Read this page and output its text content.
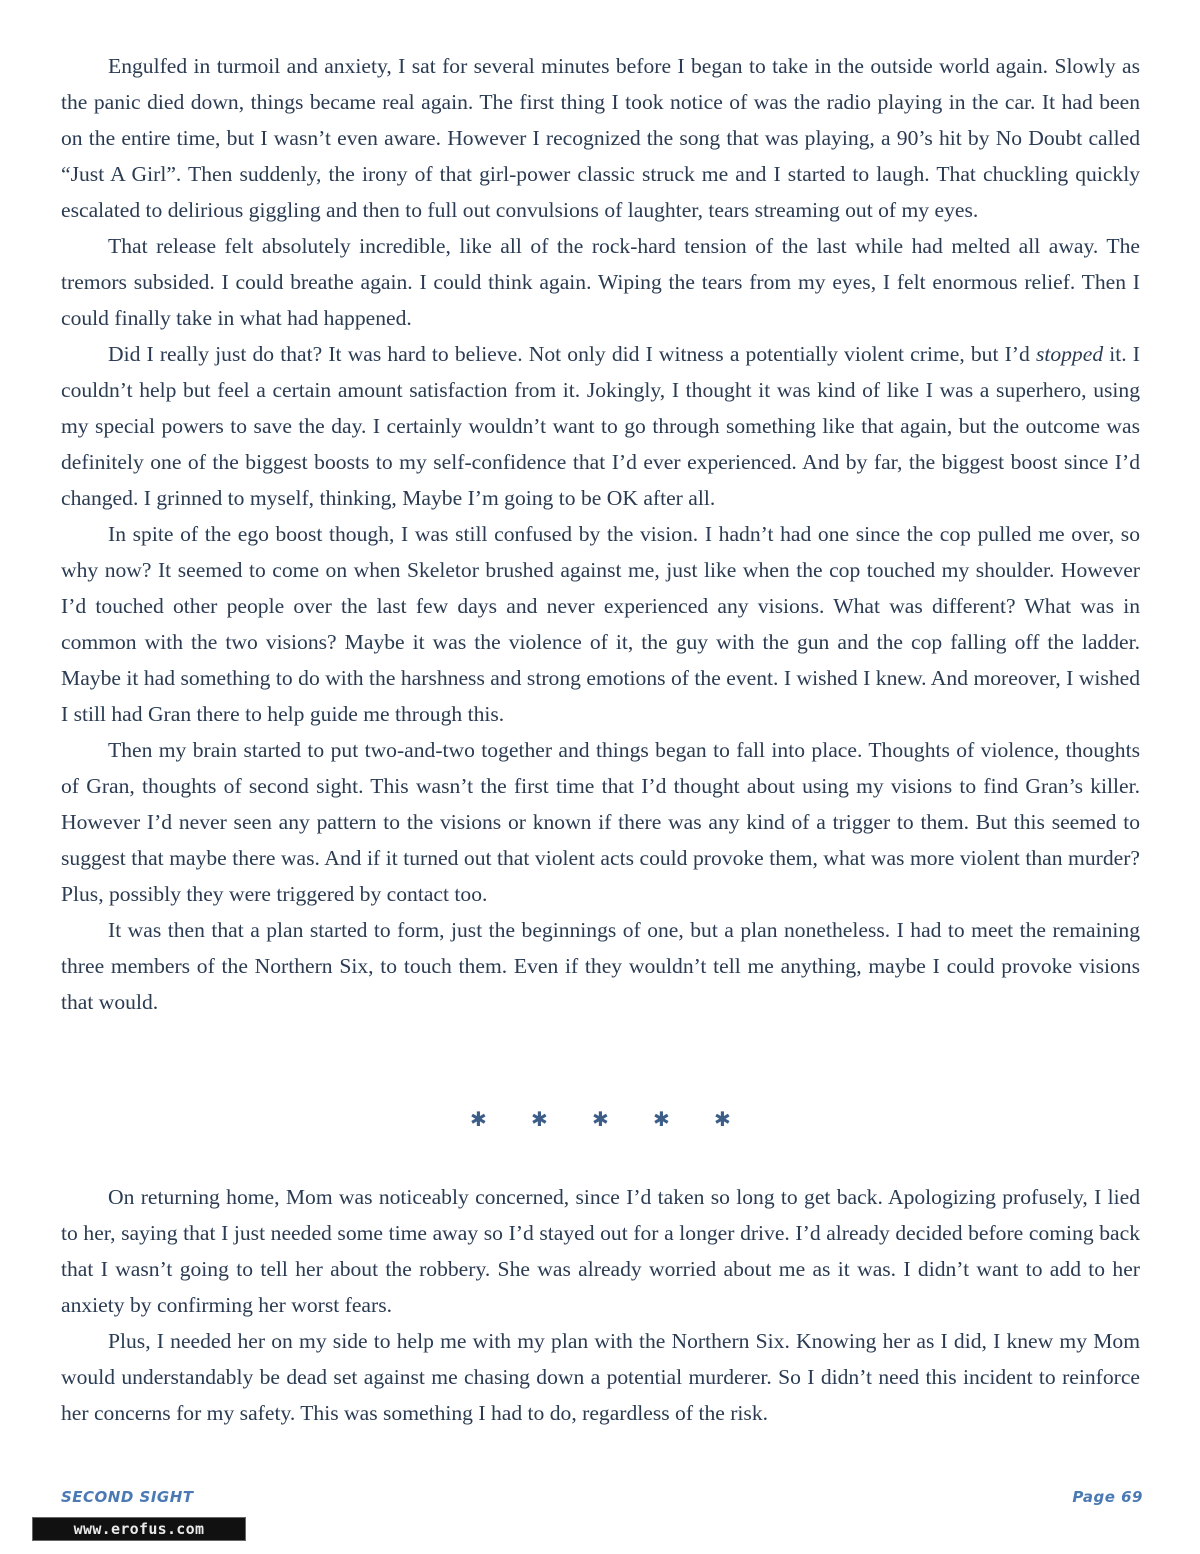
Engulfed in turmoil and anxiety, I sat for several minutes before I began to take in the outside world again. Slowly as the panic died down, things became real again. The first thing I took notice of was the radio playing in the car. It had been on the entire time, but I wasn’t even aware. However I recognized the song that was playing, a 90’s hit by No Doubt called “Just A Girl”. Then suddenly, the irony of that girl-power classic struck me and I started to laugh. That chuckling quickly escalated to delirious giggling and then to full out convulsions of laughter, tears streaming out of my eyes.

That release felt absolutely incredible, like all of the rock-hard tension of the last while had melted all away. The tremors subsided. I could breathe again. I could think again. Wiping the tears from my eyes, I felt enormous relief. Then I could finally take in what had happened.

Did I really just do that? It was hard to believe. Not only did I witness a potentially violent crime, but I’d stopped it. I couldn’t help but feel a certain amount satisfaction from it. Jokingly, I thought it was kind of like I was a superhero, using my special powers to save the day. I certainly wouldn’t want to go through something like that again, but the outcome was definitely one of the biggest boosts to my self-confidence that I’d ever experienced. And by far, the biggest boost since I’d changed. I grinned to myself, thinking, Maybe I’m going to be OK after all.

In spite of the ego boost though, I was still confused by the vision. I hadn’t had one since the cop pulled me over, so why now? It seemed to come on when Skeletor brushed against me, just like when the cop touched my shoulder. However I’d touched other people over the last few days and never experienced any visions. What was different? What was in common with the two visions? Maybe it was the violence of it, the guy with the gun and the cop falling off the ladder. Maybe it had something to do with the harshness and strong emotions of the event. I wished I knew. And moreover, I wished I still had Gran there to help guide me through this.

Then my brain started to put two-and-two together and things began to fall into place. Thoughts of violence, thoughts of Gran, thoughts of second sight. This wasn’t the first time that I’d thought about using my visions to find Gran’s killer. However I’d never seen any pattern to the visions or known if there was any kind of a trigger to them. But this seemed to suggest that maybe there was. And if it turned out that violent acts could provoke them, what was more violent than murder? Plus, possibly they were triggered by contact too.

It was then that a plan started to form, just the beginnings of one, but a plan nonetheless. I had to meet the remaining three members of the Northern Six, to touch them. Even if they wouldn’t tell me anything, maybe I could provoke visions that would.

✱ ✱ ✱ ✱ ✱

On returning home, Mom was noticeably concerned, since I’d taken so long to get back. Apologizing profusely, I lied to her, saying that I just needed some time away so I’d stayed out for a longer drive. I’d already decided before coming back that I wasn’t going to tell her about the robbery. She was already worried about me as it was. I didn’t want to add to her anxiety by confirming her worst fears.

Plus, I needed her on my side to help me with my plan with the Northern Six. Knowing her as I did, I knew my Mom would understandably be dead set against me chasing down a potential murderer. So I didn’t need this incident to reinforce her concerns for my safety. This was something I had to do, regardless of the risk.

SECOND SIGHT	Page 69
www.erofus.com
